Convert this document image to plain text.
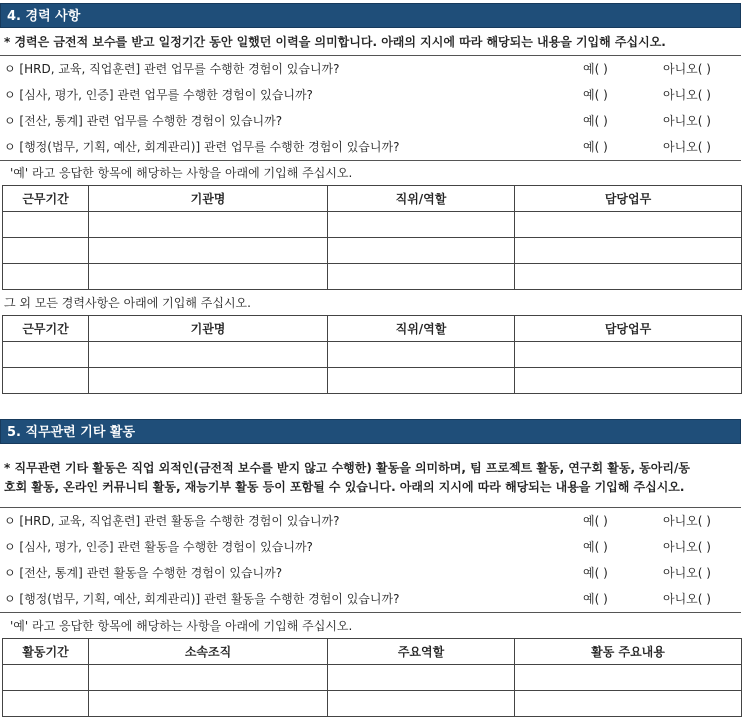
4. 경력 사항
* 경력은 금전적 보수를 받고 일정기간 동안 일했던 이력을 의미합니다. 아래의 지시에 따라 해당되는 내용을 기입해 주십시오.
ㅇ [HRD, 교육, 직업훈련] 관련 업무를 수행한 경험이 있습니까?	예( )	아니오( )
ㅇ [심사, 평가, 인증] 관련 업무를 수행한 경험이 있습니까?	예( )	아니오( )
ㅇ [전산, 통계] 관련 업무를 수행한 경험이 있습니까?	예( )	아니오( )
ㅇ [행정(법무, 기획, 예산, 회계관리)] 관련 업무를 수행한 경험이 있습니까?	예( )	아니오( )
'예' 라고 응답한 항목에 해당하는 사항을 아래에 기입해 주십시오.
근무기간	기관명	직위/역할	담당업무

그 외 모든 경력사항은 아래에 기입해 주십시오.
근무기간	기관명	직위/역할	담당업무

5. 직무관련 기타 활동
* 직무관련 기타 활동은 직업 외적인(금전적 보수를 받지 않고 수행한) 활동을 의미하며, 팀 프로젝트 활동, 연구회 활동, 동아리/동
호회 활동, 온라인 커뮤니티 활동, 재능기부 활동 등이 포함될 수 있습니다. 아래의 지시에 따라 해당되는 내용을 기입해 주십시오.
ㅇ [HRD, 교육, 직업훈련] 관련 활동을 수행한 경험이 있습니까?	예( )	아니오( )
ㅇ [심사, 평가, 인증] 관련 활동을 수행한 경험이 있습니까?	예( )	아니오( )
ㅇ [전산, 통계] 관련 활동을 수행한 경험이 있습니까?	예( )	아니오( )
ㅇ [행정(법무, 기획, 예산, 회계관리)] 관련 활동을 수행한 경험이 있습니까?	예( )	아니오( )
'예' 라고 응답한 항목에 해당하는 사항을 아래에 기입해 주십시오.
활동기간	소속조직	주요역할	활동 주요내용
